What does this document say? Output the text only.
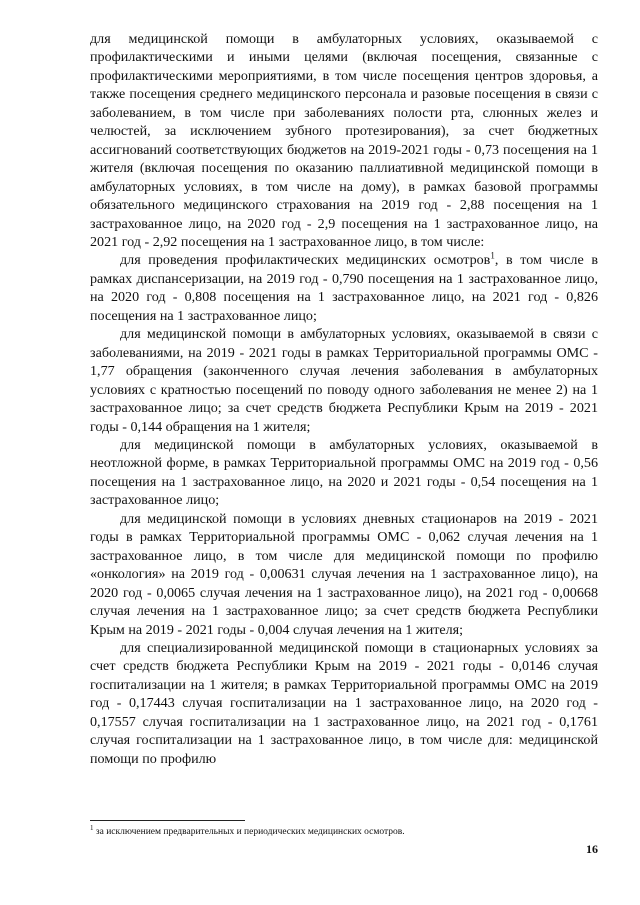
для медицинской помощи в амбулаторных условиях, оказываемой с профилактическими и иными целями (включая посещения, связанные с профилактическими мероприятиями, в том числе посещения центров здоровья, а также посещения среднего медицинского персонала и разовые посещения в связи с заболеванием, в том числе при заболеваниях полости рта, слюнных желез и челюстей, за исключением зубного протезирования), за счет бюджетных ассигнований соответствующих бюджетов на 2019-2021 годы - 0,73 посещения на 1 жителя (включая посещения по оказанию паллиативной медицинской помощи в амбулаторных условиях, в том числе на дому), в рамках базовой программы обязательного медицинского страхования на 2019 год - 2,88 посещения на 1 застрахованное лицо, на 2020 год - 2,9 посещения на 1 застрахованное лицо, на 2021 год - 2,92 посещения на 1 застрахованное лицо, в том числе:

для проведения профилактических медицинских осмотров$^1$, в том числе в рамках диспансеризации, на 2019 год - 0,790 посещения на 1 застрахованное лицо, на 2020 год - 0,808 посещения на 1 застрахованное лицо, на 2021 год - 0,826 посещения на 1 застрахованное лицо;

для медицинской помощи в амбулаторных условиях, оказываемой в связи с заболеваниями, на 2019 - 2021 годы в рамках Территориальной программы ОМС - 1,77 обращения (законченного случая лечения заболевания в амбулаторных условиях с кратностью посещений по поводу одного заболевания не менее 2) на 1 застрахованное лицо; за счет средств бюджета Республики Крым на 2019 - 2021 годы - 0,144 обращения на 1 жителя;

для медицинской помощи в амбулаторных условиях, оказываемой в неотложной форме, в рамках Территориальной программы ОМС на 2019 год - 0,56 посещения на 1 застрахованное лицо, на 2020 и 2021 годы - 0,54 посещения на 1 застрахованное лицо;

для медицинской помощи в условиях дневных стационаров на 2019 - 2021 годы в рамках Территориальной программы ОМС - 0,062 случая лечения на 1 застрахованное лицо, в том числе для медицинской помощи по профилю «онкология» на 2019 год - 0,00631 случая лечения на 1 застрахованное лицо), на 2020 год - 0,0065 случая лечения на 1 застрахованное лицо), на 2021 год - 0,00668 случая лечения на 1 застрахованное лицо; за счет средств бюджета Республики Крым на 2019 - 2021 годы - 0,004 случая лечения на 1 жителя;

для специализированной медицинской помощи в стационарных условиях за счет средств бюджета Республики Крым на 2019 - 2021 годы - 0,0146 случая госпитализации на 1 жителя; в рамках Территориальной программы ОМС на 2019 год - 0,17443 случая госпитализации на 1 застрахованное лицо, на 2020 год - 0,17557 случая госпитализации на 1 застрахованное лицо, на 2021 год - 0,1761 случая госпитализации на 1 застрахованное лицо, в том числе для: медицинской помощи по профилю

$^1$ за исключением предварительных и периодических медицинских осмотров.
16
